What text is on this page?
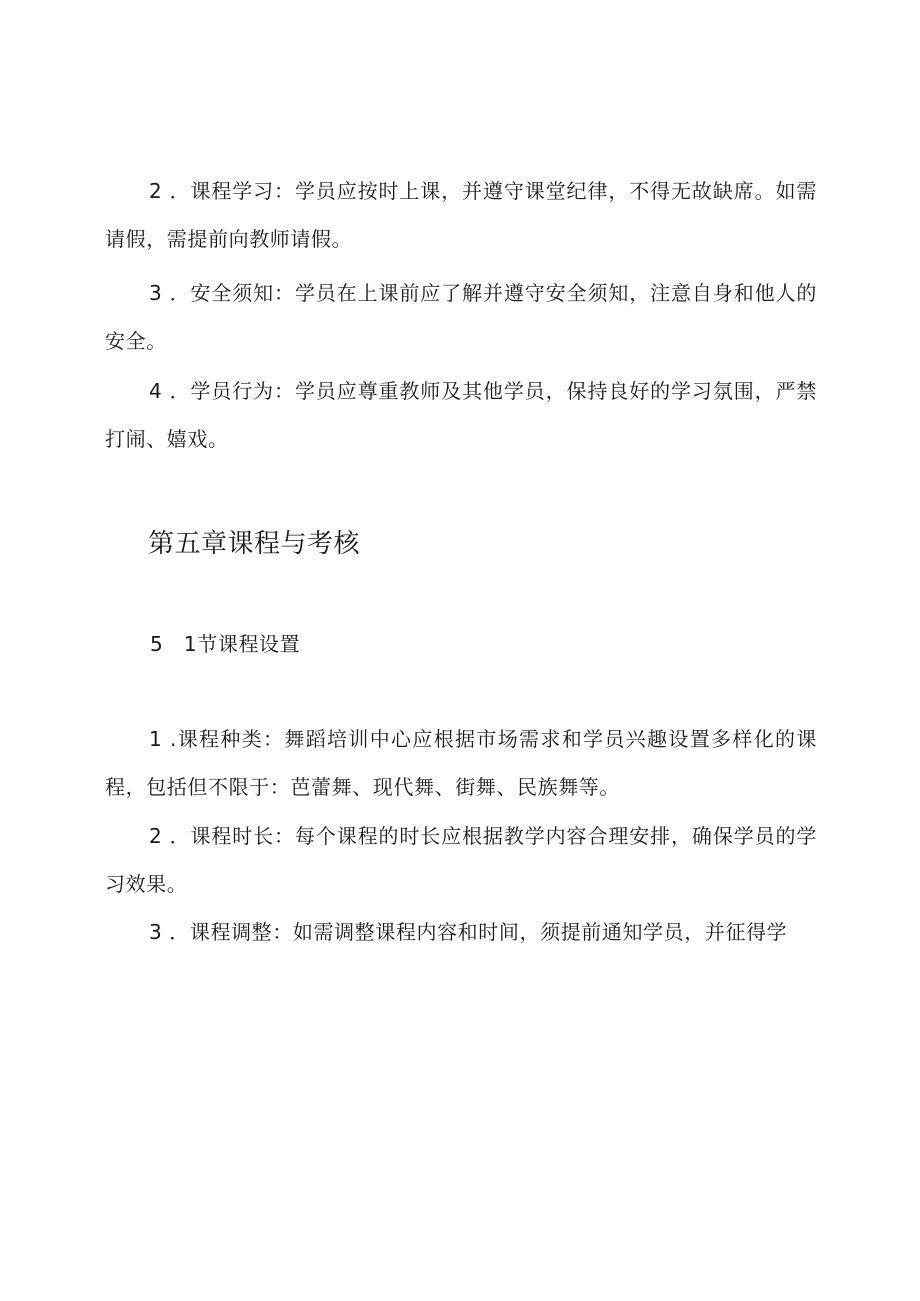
2 ．课程学习：学员应按时上课，并遵守课堂纪律，不得无故缺席。如需请假，需提前向教师请假。

3 ．安全须知：学员在上课前应了解并遵守安全须知，注意自身和他人的安全。

4 ．学员行为：学员应尊重教师及其他学员，保持良好的学习氛围，严禁打闹、嬉戏。

第五章课程与考核
5　1节课程设置

1 .课程种类：舞蹈培训中心应根据市场需求和学员兴趣设置多样化的课程，包括但不限于：芭蕾舞、现代舞、街舞、民族舞等。

2 ．课程时长：每个课程的时长应根据教学内容合理安排，确保学员的学习效果。

3 ．课程调整：如需调整课程内容和时间，须提前通知学员，并征得学
